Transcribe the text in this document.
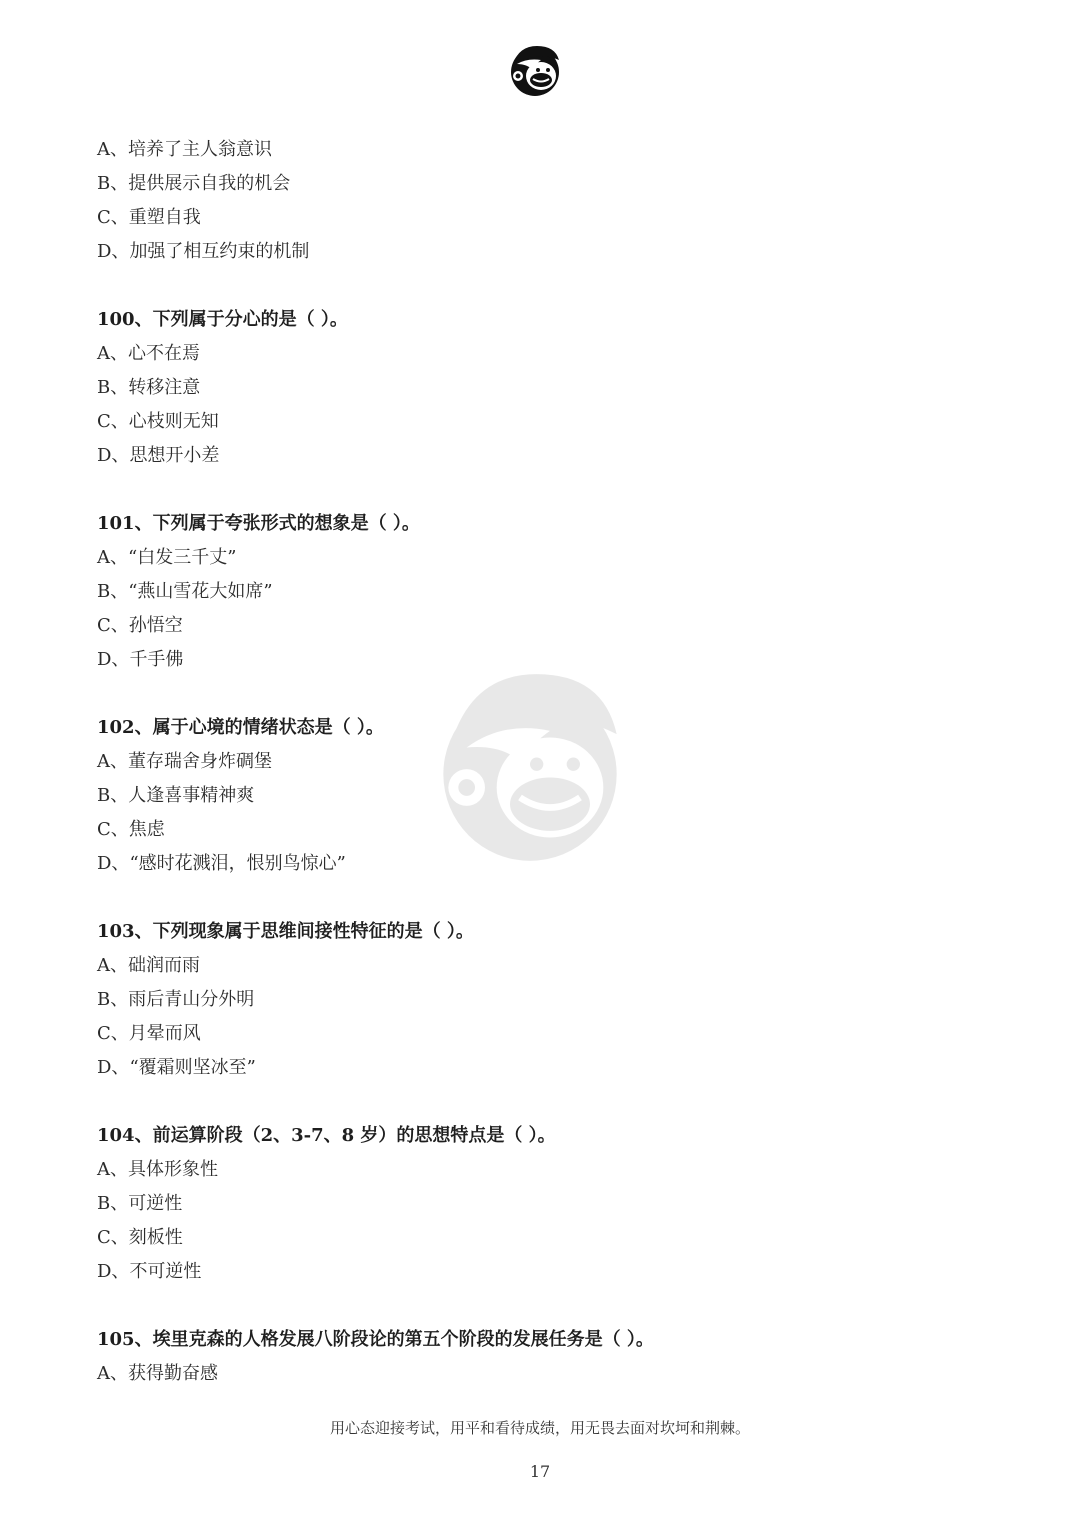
A、 培养了主人翁意识
B、 提供展示自我的机会
C、 重塑自我
D、 加强了相互约束的机制
100、下列属于分心的是（ ）。
A、 心不在焉
B、 转移注意
C、 心枝则无知
D、 思想开小差
101、下列属于夸张形式的想象是（ ）。
A、 “白发三千丈”
B、 “燕山雪花大如席”
C、 孙悟空
D、 千手佛
102、属于心境的情绪状态是（ ）。
A、 董存瑞舍身炸碉堡
B、 人逢喜事精神爽
C、 焦虑
D、 “感时花溅泪，恨别鸟惊心”
103、下列现象属于思维间接性特征的是（ ）。
A、 础润而雨
B、 雨后青山分外明
C、 月晕而风
D、 “覆霜则坚冰至”
104、前运算阶段（2、3-7、8 岁）的思想特点是（ ）。
A、 具体形象性
B、 可逆性
C、 刻板性
D、 不可逆性
105、埃里克森的人格发展八阶段论的第五个阶段的发展任务是（ ）。
A、 获得勤奋感
用心态迎接考试，用平和看待成绩，用无畏去面对坎坷和荆棘。
17
